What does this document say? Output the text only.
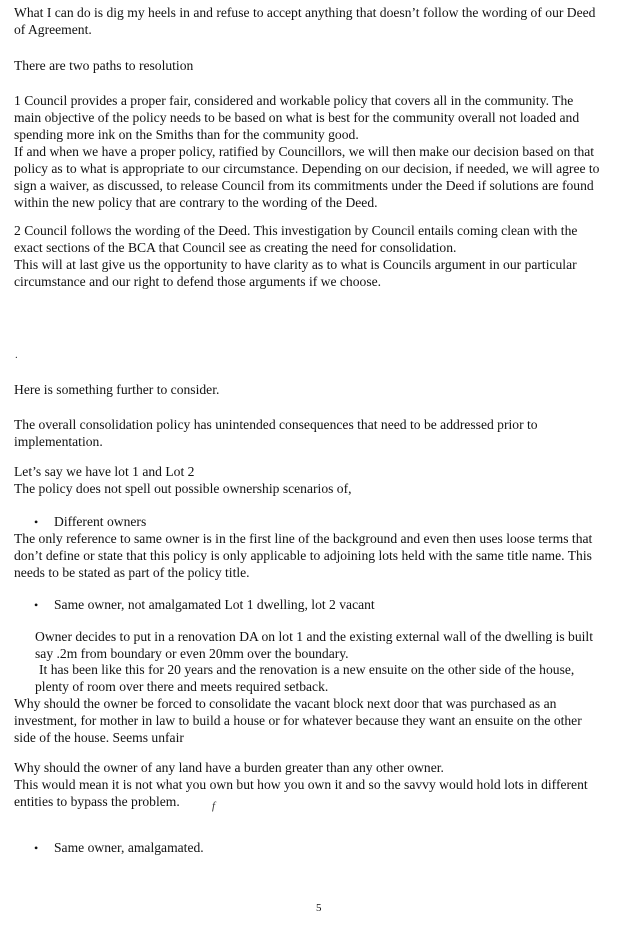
What I can do is dig my heels in and refuse to accept anything that doesn’t follow the wording of our Deed
of Agreement.
There are two paths to resolution
1 Council provides a proper fair, considered and workable policy that covers all in the community. The
main objective of the policy needs to be based on what is best for the community overall not loaded and
spending more ink on the Smiths than for the community good.
If and when we have a proper policy, ratified by Councillors, we will then make our decision based on that
policy as to what is appropriate to our circumstance. Depending on our decision, if needed, we will agree to
sign a waiver, as discussed, to release Council from its commitments under the Deed if solutions are found
within the new policy that are contrary to the wording of the Deed.
2 Council follows the wording of the Deed. This investigation by Council entails coming clean with the
exact sections of the BCA that Council see as creating the need for consolidation.
This will at last give us the opportunity to have clarity as to what is Councils argument in our particular
circumstance and our right to defend those arguments if we choose.
.
Here is something further to consider.
The overall consolidation policy has unintended consequences that need to be addressed prior to
implementation.
Let’s say we have lot 1 and Lot 2
The policy does not spell out possible ownership scenarios of,
• Different owners
The only reference to same owner is in the first line of the background and even then uses loose terms that
don’t define or state that this policy is only applicable to adjoining lots held with the same title name. This
needs to be stated as part of the policy title.
• Same owner, not amalgamated Lot 1 dwelling, lot 2 vacant
Owner decides to put in a renovation DA on lot 1 and the existing external wall of the dwelling is built
say .2m from boundary or even 20mm over the boundary.
It has been like this for 20 years and the renovation is a new ensuite on the other side of the house,
plenty of room over there and meets required setback.
Why should the owner be forced to consolidate the vacant block next door that was purchased as an
investment, for mother in law to build a house or for whatever because they want an ensuite on the other
side of the house. Seems unfair
Why should the owner of any land have a burden greater than any other owner.
This would mean it is not what you own but how you own it and so the savvy would hold lots in different
entities to bypass the problem.	f
• Same owner, amalgamated.
5
